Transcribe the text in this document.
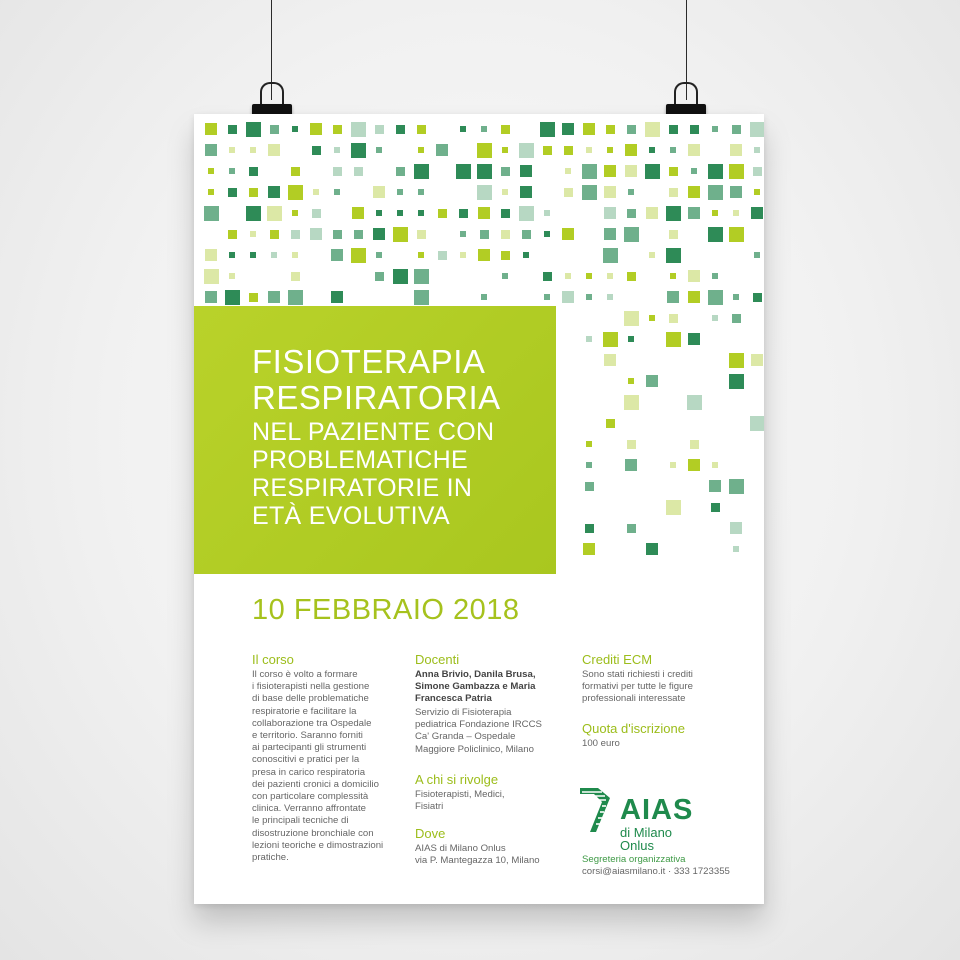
FISIOTERAPIA
RESPIRATORIA
NEL PAZIENTE CON
PROBLEMATICHE
RESPIRATORIE IN
ETÀ EVOLUTIVA
10 FEBBRAIO 2018
Il corso
Il corso è volto a formare
i fisioterapisti nella gestione
di base delle problematiche
respiratorie e facilitare la
collaborazione tra Ospedale
e territorio. Saranno forniti
ai partecipanti gli strumenti
conoscitivi e pratici per la
presa in carico respiratoria
dei pazienti cronici a domicilio
con particolare complessità
clinica. Verranno affrontate
le principali tecniche di
disostruzione bronchiale con
lezioni teoriche e dimostrazioni
pratiche.
Docenti
Anna Brivio, Danila Brusa,
Simone Gambazza e Maria
Francesca Patria
Servizio di Fisioterapia
pediatrica Fondazione IRCCS
Ca' Granda – Ospedale
Maggiore Policlinico, Milano
A chi si rivolge
Fisioterapisti, Medici,
Fisiatri
Dove
AIAS di Milano Onlus
via P. Mantegazza 10, Milano
Crediti ECM
Sono stati richiesti i crediti
formativi per tutte le figure
professionali interessate
Quota d'iscrizione
100 euro
AIAS
di Milano
Onlus
Segreteria organizzativa
corsi@aiasmilano.it · 333 1723355
